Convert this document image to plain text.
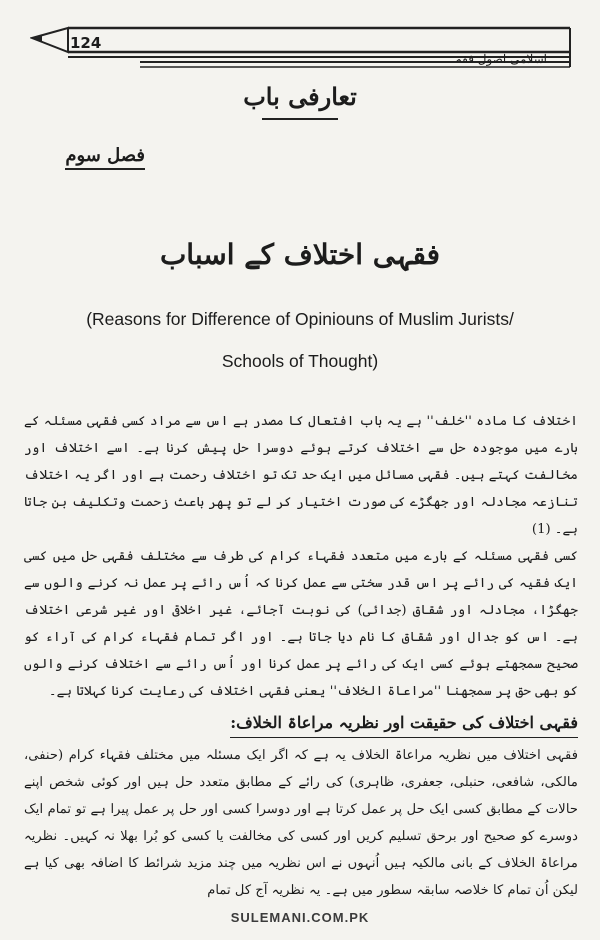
124
اسلامی اصول فقہ
تعارفی باب
فصل سوم
فقہی اختلاف کے اسباب
(Reasons for Difference of Opiniouns of Muslim Jurists/
Schools of Thought)

اختلاف کا مادہ ''خلف'' ہے یہ باب افتعال کا مصدر ہے اس سے مراد کسی فقہی مسئلہ کے بارے میں موجودہ حل سے اختلاف کرتے ہوئے دوسرا حل پیش کرنا ہے۔ اسے اختلاف اور مخالفت کہتے ہیں۔ فقہی مسائل میں ایک حد تک تو اختلاف رحمت ہے اور اگر یہ اختلاف تنازعہ مجادلہ اور جھگڑے کی صورت اختیار کر لے تو پھر باعث زحمت وتکلیف بن جاتا ہے۔ (1)

کسی فقہی مسئلہ کے بارے میں متعدد فقہاء کرام کی طرف سے مختلف فقہی حل میں کسی ایک فقیہ کی رائے پر اس قدر سختی سے عمل کرنا کہ اُس رائے پر عمل نہ کرنے والوں سے جھگڑا، مجادلہ اور شقاق (جدائی) کی نوبت آجائے، غیر اخلاقی اور غیر شرعی اختلاف ہے۔ اس کو جدال اور شقاق کا نام دیا جاتا ہے۔ اور اگر تمام فقہاء کرام کی آراء کو صحیح سمجھتے ہوئے کسی ایک کی رائے پر عمل کرنا اور اُس رائے سے اختلاف کرنے والوں کو بھی حق پر سمجھنا ''مراعاۃ الخلاف'' یعنی فقہی اختلاف کی رعایت کرنا کہلاتا ہے۔

فقہی اختلاف کی حقیقت اور نظریہ مراعاۃ الخلاف:

فقہی اختلاف میں نظریہ مراعاۃ الخلاف یہ ہے کہ اگر ایک مسئلہ میں مختلف فقہاء کرام (حنفی، مالکی، شافعی، حنبلی، جعفری، ظاہری) کی رائے کے مطابق متعدد حل ہیں اور کوئی شخص اپنے حالات کے مطابق کسی ایک حل پر عمل کرتا ہے اور دوسرا کسی اور حل پر عمل پیرا ہے تو تمام ایک دوسرے کو صحیح اور برحق تسلیم کریں اور کسی کی مخالفت یا کسی کو بُرا بھلا نہ کہیں۔ نظریہ مراعاۃ الخلاف کے بانی مالکیہ ہیں اُنہوں نے اس نظریہ میں چند مزید شرائط کا اضافہ بھی کیا ہے لیکن اُن تمام کا خلاصہ سابقہ سطور میں ہے۔ یہ نظریہ آج کل تمام

SULEMANI.COM.PK
